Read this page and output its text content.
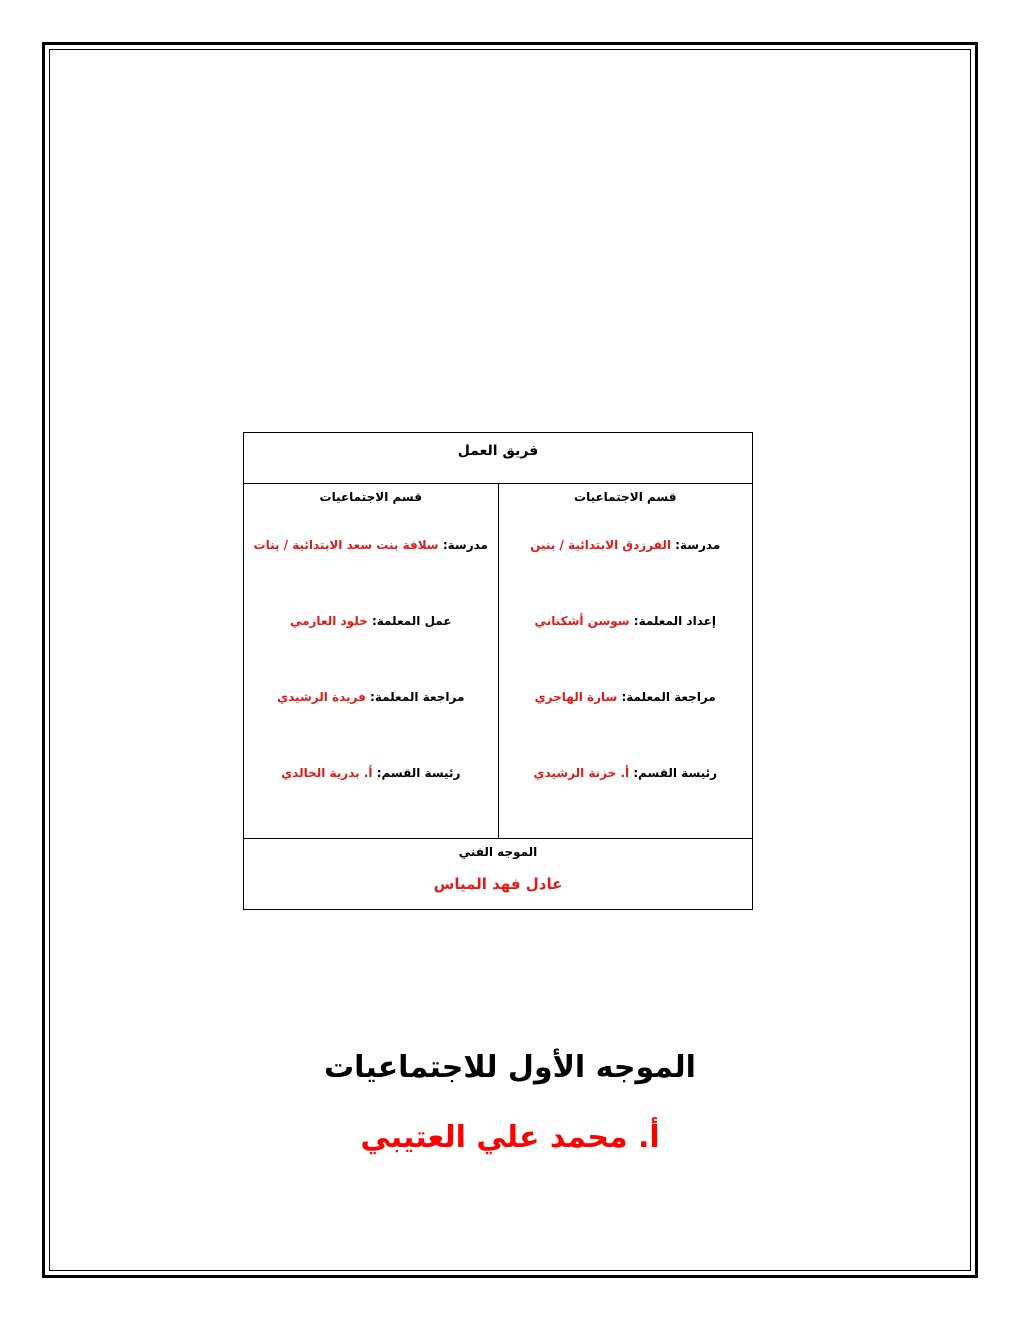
فريق العمل

قسم الاجتماعيات
مدرسة: الفرزدق الابتدائية / بنين
إعداد المعلمة: سوسن أشكناني
مراجعة المعلمة: سارة الهاجري
رئيسة القسم: أ. خزنة الرشيدي

قسم الاجتماعيات
مدرسة: سلافة بنت سعد الابتدائية / بنات
عمل المعلمة: خلود العازمي
مراجعة المعلمة: فريدة الرشيدي
رئيسة القسم: أ. بدرية الخالدي

الموجه الفني
عادل فهد المياس
الموجه الأول للاجتماعيات
أ. محمد علي العتيبي
